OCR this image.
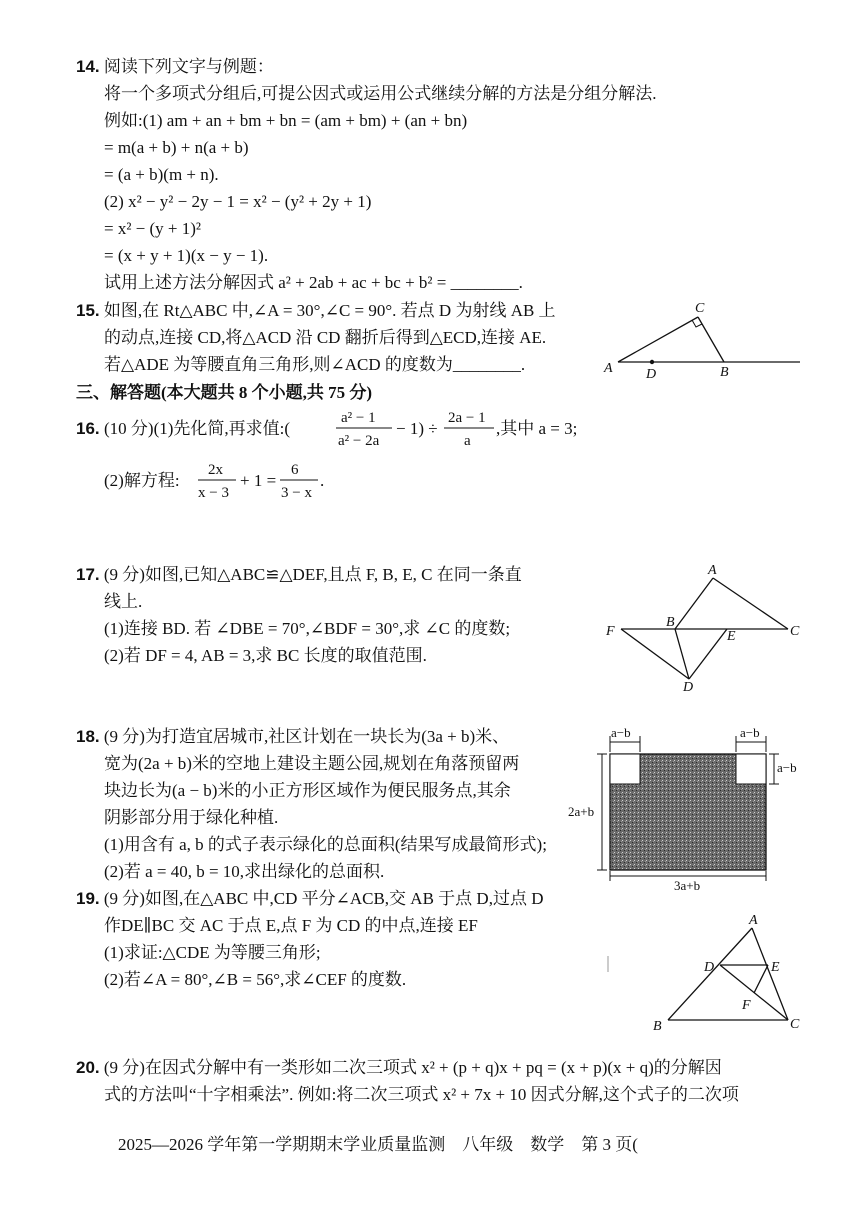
14. 阅读下列文字与例题：
将一个多项式分组后,可提公因式或运用公式继续分解的方法是分组分解法.
例如:(1) am + an + bm + bn = (am + bm) + (an + bn)
= m(a + b) + n(a + b)
= (a + b)(m + n).
(2) x² − y² − 2y − 1 = x² − (y² + 2y + 1)
= x² − (y + 1)²
= (x + y + 1)(x − y − 1).
试用上述方法分解因式 a² + 2ab + ac + bc + b² = ________.
15. 如图,在 Rt△ABC 中,∠A = 30°,∠C = 90°. 若点 D 为射线 AB 上
的动点,连接 CD,将△ACD 沿 CD 翻折后得到△ECD,连接 AE.
若△ADE 为等腰直角三角形,则∠ACD 的度数为________.	A D	B
C
三、解答题(本大题共 8 个小题,共 75 分)
16. (10 分)(1)先化简,再求值:(
a² − 1
a² − 2a
− 1) ÷
2a − 1
a
,其中 a = 3;
(2)解方程:
2x
x − 3
+ 1 =
6
3 − x
.
17. (9 分)如图,已知△ABC≌△DEF,且点 F, B, E, C 在同一条直
线上.
(1)连接 BD. 若 ∠DBE = 70°,∠BDF = 30°,求 ∠C 的度数;
(2)若 DF = 4, AB = 3,求 BC 长度的取值范围.
A
B
C
D
E
F
18. (9 分)为打造宜居城市,社区计划在一块长为(3a + b)米、
宽为(2a + b)米的空地上建设主题公园,规划在角落预留两
块边长为(a − b)米的小正方形区域作为便民服务点,其余
阴影部分用于绿化种植.
(1)用含有 a, b 的式子表示绿化的总面积(结果写成最简形式);
(2)若 a = 40, b = 10,求出绿化的总面积.
a−b	a−b
a−b
2a+b
3a+b
19. (9 分)如图,在△ABC 中,CD 平分∠ACB,交 AB 于点 D,过点 D
作DE∥BC 交 AC 于点 E,点 F 为 CD 的中点,连接 EF
(1)求证:△CDE 为等腰三角形;
(2)若∠A = 80°,∠B = 56°,求∠CEF 的度数.
A
B	C
D	E
F
20. (9 分)在因式分解中有一类形如二次三项式 x² + (p + q)x + pq = (x + p)(x + q)的分解因
式的方法叫“十字相乘法”. 例如:将二次三项式 x² + 7x + 10 因式分解,这个式子的二次项
2025—2026 学年第一学期期末学业质量监测　八年级　数学　第 3 页(
